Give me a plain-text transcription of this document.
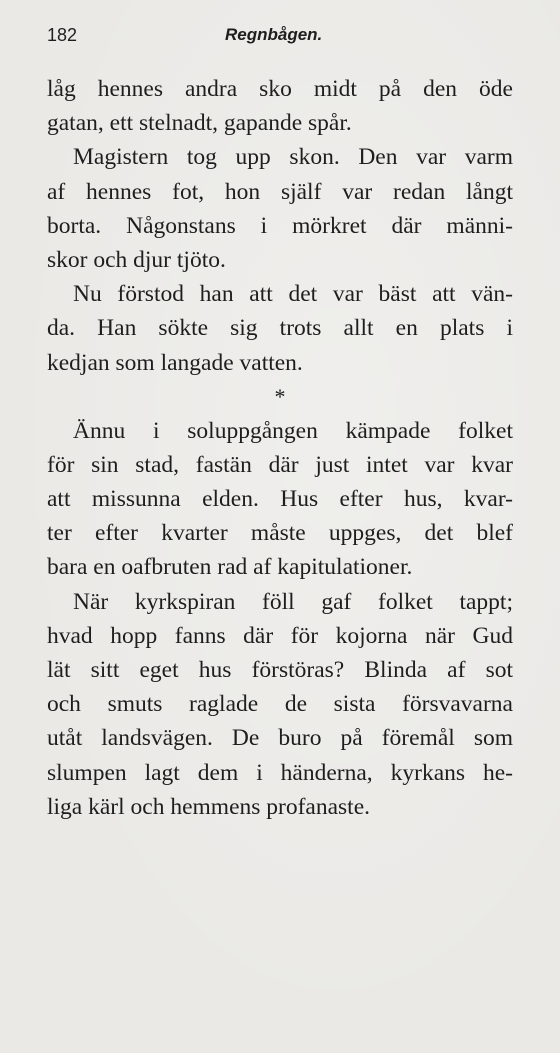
182	Regnbågen.
låg hennes andra sko midt på den öde
gatan, ett stelnadt, gapande spår.
Magistern tog upp skon. Den var varm
af hennes fot, hon själf var redan långt
borta. Någonstans i mörkret där männi-
skor och djur tjöto.
Nu förstod han att det var bäst att vän-
da. Han sökte sig trots allt en plats i
kedjan som langade vatten.
*
Ännu i soluppgången kämpade folket
för sin stad, fastän där just intet var kvar
att missunna elden. Hus efter hus, kvar-
ter efter kvarter måste uppges, det blef
bara en oafbruten rad af kapitulationer.
När kyrkspiran föll gaf folket tappt;
hvad hopp fanns där för kojorna när Gud
lät sitt eget hus förstöras? Blinda af sot
och smuts raglade de sista försvavarna
utåt landsvägen. De buro på föremål som
slumpen lagt dem i händerna, kyrkans he-
liga kärl och hemmens profanaste.
